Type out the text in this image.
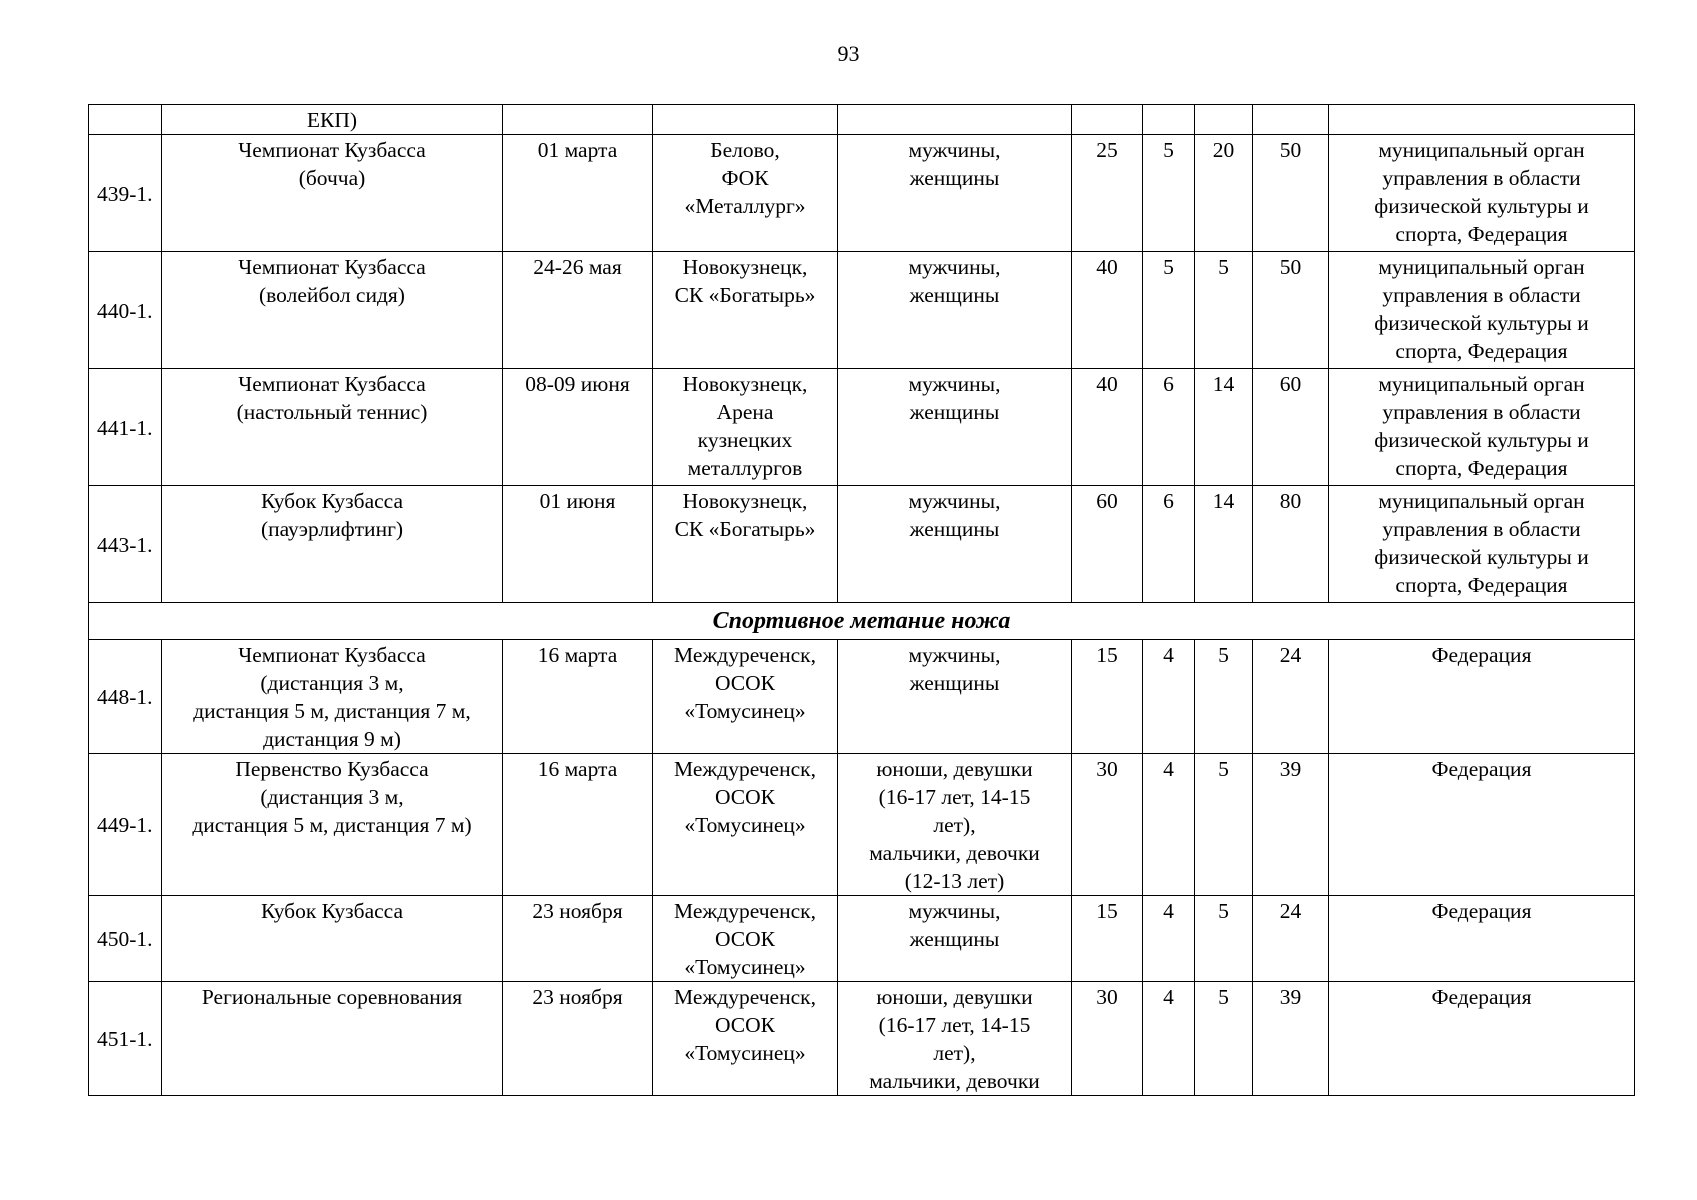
93

	ЕКП)								

439-1.	Чемпионат Кузбасса
(бочча)	01 марта	Белово,
ФОК
«Металлург»	мужчины,
женщины	25	5	20	50	муниципальный орган
управления в области
физической культуры и
спорта, Федерация

440-1.	Чемпионат Кузбасса
(волейбол сидя)	24-26 мая	Новокузнецк,
СК «Богатырь»	мужчины,
женщины	40	5	5	50	муниципальный орган
управления в области
физической культуры и
спорта, Федерация

441-1.	Чемпионат Кузбасса
(настольный теннис)	08-09 июня	Новокузнецк,
Арена
кузнецких
металлургов	мужчины,
женщины	40	6	14	60	муниципальный орган
управления в области
физической культуры и
спорта, Федерация

443-1.	Кубок Кузбасса
(пауэрлифтинг)	01 июня	Новокузнецк,
СК «Богатырь»	мужчины,
женщины	60	6	14	80	муниципальный орган
управления в области
физической культуры и
спорта, Федерация

Спортивное метание ножа									
448-1.	Чемпионат Кузбасса
(дистанция 3 м,
дистанция 5 м, дистанция 7 м,
дистанция 9 м)	16 марта	Междуреченск,
ОСОК
«Томусинец»	мужчины,
женщины	15	4	5	24	Федерация

449-1.	Первенство Кузбасса
(дистанция 3 м,
дистанция 5 м, дистанция 7 м)	16 марта	Междуреченск,
ОСОК
«Томусинец»	юноши, девушки
(16-17 лет, 14-15
лет),
мальчики, девочки
(12-13 лет)	30	4	5	39	Федерация

450-1.	Кубок Кузбасса	23 ноября	Междуреченск,
ОСОК
«Томусинец»	мужчины,
женщины	15	4	5	24	Федерация

451-1.	Региональные соревнования	23 ноября	Междуреченск,
ОСОК
«Томусинец»	юноши, девушки
(16-17 лет, 14-15
лет),
мальчики, девочки	30	4	5	39	Федерация
